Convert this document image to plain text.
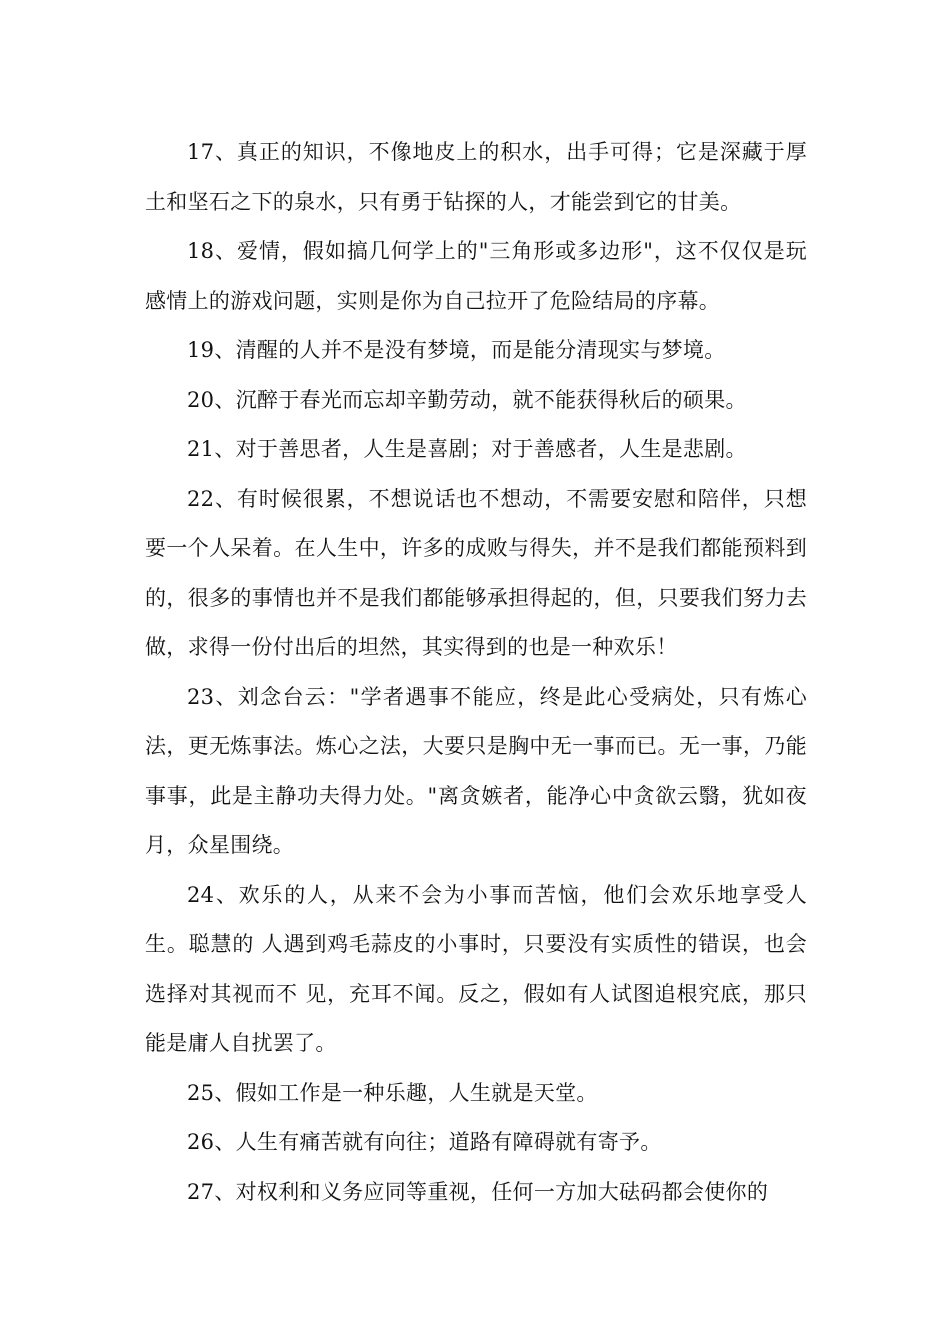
17、真正的知识，不像地皮上的积水，出手可得；它是深藏于厚土和坚石之下的泉水，只有勇于钻探的人，才能尝到它的甘美。

18、爱情，假如搞几何学上的"三角形或多边形"，这不仅仅是玩感情上的游戏问题，实则是你为自己拉开了危险结局的序幕。

19、清醒的人并不是没有梦境，而是能分清现实与梦境。

20、沉醉于春光而忘却辛勤劳动，就不能获得秋后的硕果。

21、对于善思者，人生是喜剧；对于善感者，人生是悲剧。

22、有时候很累，不想说话也不想动，不需要安慰和陪伴，只想要一个人呆着。在人生中，许多的成败与得失，并不是我们都能预料到的，很多的事情也并不是我们都能够承担得起的，但，只要我们努力去做，求得一份付出后的坦然，其实得到的也是一种欢乐！

23、刘念台云："学者遇事不能应，终是此心受病处，只有炼心法，更无炼事法。炼心之法，大要只是胸中无一事而已。无一事，乃能事事，此是主静功夫得力处。"离贪嫉者，能净心中贪欲云翳，犹如夜月，众星围绕。

24、欢乐的人，从来不会为小事而苦恼，他们会欢乐地享受人生。聪慧的 人遇到鸡毛蒜皮的小事时，只要没有实质性的错误，也会选择对其视而不 见，充耳不闻。反之，假如有人试图追根究底，那只能是庸人自扰罢了。

25、假如工作是一种乐趣，人生就是天堂。

26、人生有痛苦就有向往；道路有障碍就有寄予。

27、对权利和义务应同等重视，任何一方加大砝码都会使你的
